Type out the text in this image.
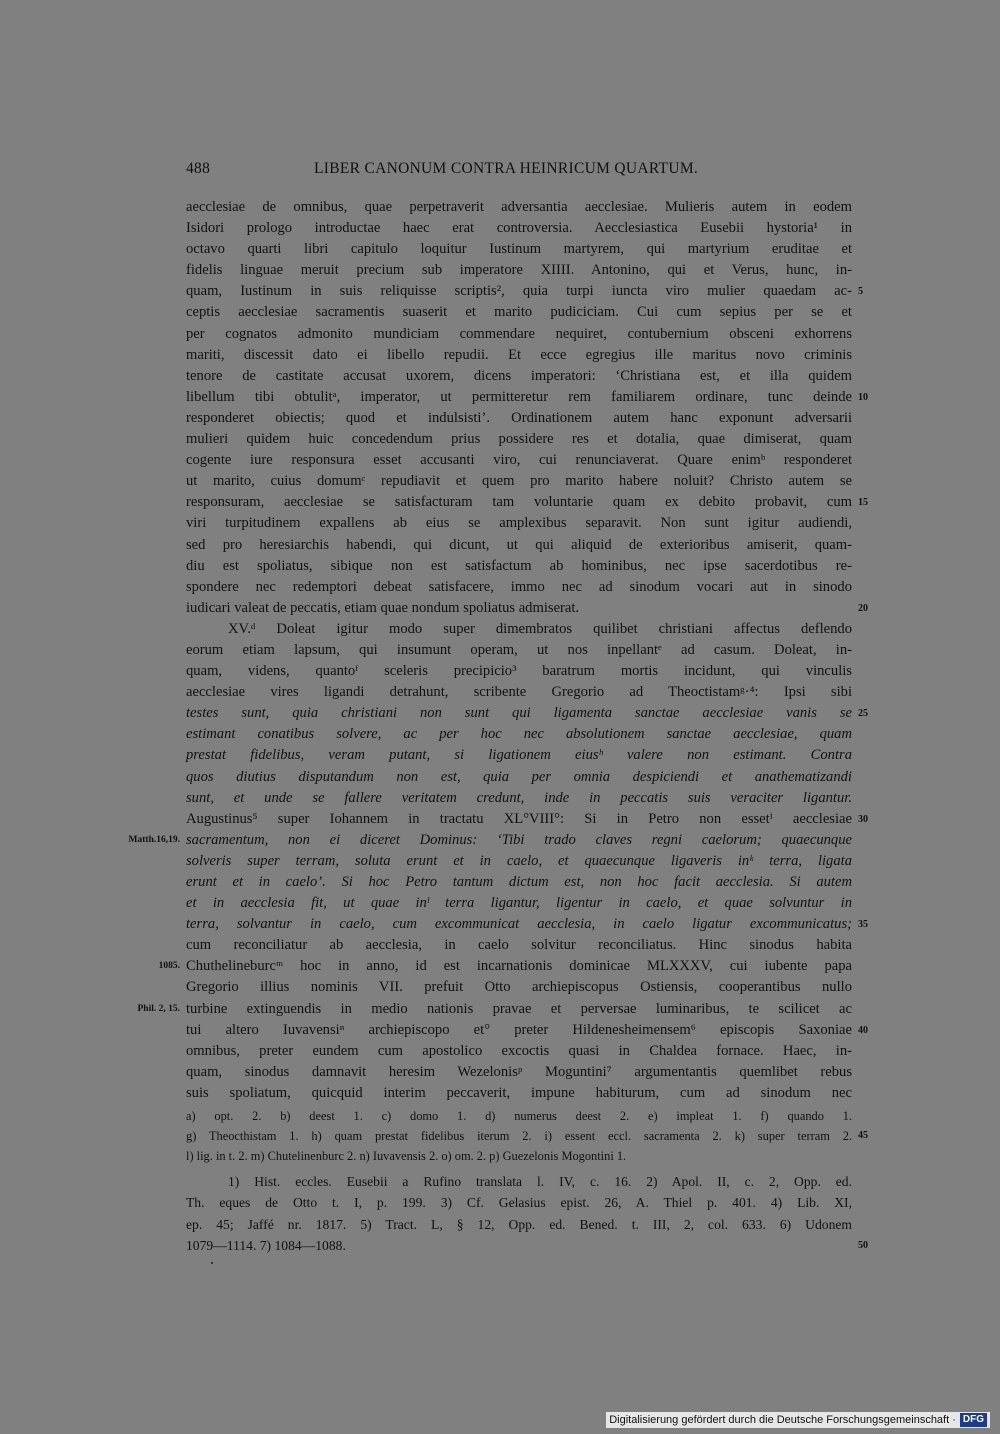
488	LIBER CANONUM CONTRA HEINRICUM QUARTUM.
aecclesiae de omnibus, quae perpetraverit adversantia aecclesiae. Mulieris autem in eodem
Isidori prologo introductae haec erat controversia. Aecclesiastica Eusebii hystoria¹ in
octavo quarti libri capitulo loquitur Iustinum martyrem, qui martyrium eruditae et
fidelis linguae meruit precium sub imperatore XIIII. Antonino, qui et Verus, hunc, in-
quam, Iustinum in suis reliquisse scriptis², quia turpi iuncta viro mulier quaedam ac- 5
ceptis aecclesiae sacramentis suaserit et marito pudiciciam. Cui cum sepius per se et
per cognatos admonito mundiciam commendare nequiret, contubernium obsceni exhorrens
mariti, discessit dato ei libello repudii. Et ecce egregius ille maritus novo criminis
tenore de castitate accusat uxorem, dicens imperatori: ‘Christiana est, et illa quidem
libellum tibi obtulitᵃ, imperator, ut permitteretur rem familiarem ordinare, tunc deinde 10
responderet obiectis; quod et indulsisti’. Ordinationem autem hanc exponunt adversarii
mulieri quidem huic concedendum prius possidere res et dotalia, quae dimiserat, quam
cogente iure responsura esset accusanti viro, cui renunciaverat. Quare enimᵇ responderet
ut marito, cuius domumᶜ repudiavit et quem pro marito habere noluit? Christo autem se
responsuram, aecclesiae se satisfacturam tam voluntarie quam ex debito probavit, cum 15
viri turpitudinem expallens ab eius se amplexibus separavit. Non sunt igitur audiendi,
sed pro heresiarchis habendi, qui dicunt, ut qui aliquid de exterioribus amiserit, quam-
diu est spoliatus, sibique non est satisfactum ab hominibus, nec ipse sacerdotibus re-
spondere nec redemptori debeat satisfacere, immo nec ad sinodum vocari aut in sinodo
iudicari valeat de peccatis, etiam quae nondum spoliatus admiserat.	20
XV.ᵈ Doleat igitur modo super dimembratos quilibet christiani affectus deflendo
eorum etiam lapsum, qui insumunt operam, ut nos inpellantᵉ ad casum. Doleat, in-
quam, videns, quantoᶠ sceleris precipicio³ baratrum mortis incidunt, qui vinculis
aecclesiae vires ligandi detrahunt, scribente Gregorio ad Theoctistamᵍ·⁴: Ipsi sibi
testes sunt, quia christiani non sunt qui ligamenta sanctae aecclesiae vanis se 25
estimant conatibus solvere, ac per hoc nec absolutionem sanctae aecclesiae, quam
prestat fidelibus, veram putant, si ligationem eiusʰ valere non estimant. Contra
quos diutius disputandum non est, quia per omnia despiciendi et anathematizandi
sunt, et unde se fallere veritatem credunt, inde in peccatis suis veraciter ligantur.
Augustinus⁵ super Iohannem in tractatu XL°VIII°: Si in Petro non essetⁱ aecclesiae 30
sacramentum, non ei diceret Dominus: ‘Tibi trado claves regni caelorum; quaecunque
Matth.16,19.
solveris super terram, soluta erunt et in caelo, et quaecunque ligaveris inᵏ terra, ligata
erunt et in caelo’. Si hoc Petro tantum dictum est, non hoc facit aecclesia. Si autem
et in aecclesia fit, ut quae inˡ terra ligantur, ligentur in caelo, et quae solvuntur in
terra, solvantur in caelo, cum excommunicat aecclesia, in caelo ligatur excommunicatus; 35
cum reconciliatur ab aecclesia, in caelo solvitur reconciliatus. Hinc sinodus habita
Chuthelineburcᵐ hoc in anno, id est incarnationis dominicae MLXXXV, cui iubente papa
1085.
Gregorio illius nominis VII. prefuit Otto archiepiscopus Ostiensis, cooperantibus nullo
turbine extinguendis in medio nationis pravae et perversae luminaribus, te scilicet ac
Phil. 2, 15.
tui altero Iuvavensiⁿ archiepiscopo et° preter Hildenesheimensem⁶ episcopis Saxoniae 40
omnibus, preter eundem cum apostolico excoctis quasi in Chaldea fornace. Haec, in-
quam, sinodus damnavit heresim Wezelonisᵖ Moguntini⁷ argumentantis quemlibet rebus
suis spoliatum, quicquid interim peccaverit, impune habiturum, cum ad sinodum nec
a) opt. 2. b) deest 1. c) domo 1. d) numerus deest 2. e) impleat 1. f) quando 1.
g) Theocthistam 1. h) quam prestat fidelibus iterum 2. i) essent eccl. sacramenta 2. k) super terram 2. 45
l) lig. in t. 2. m) Chutelinenburc 2. n) Iuvavensis 2. o) om. 2. p) Guezelonis Mogontini 1.
1) Hist. eccles. Eusebii a Rufino translata l. IV, c. 16. 2) Apol. II, c. 2, Opp. ed.
Th. eques de Otto t. I, p. 199. 3) Cf. Gelasius epist. 26, A. Thiel p. 401. 4) Lib. XI,
ep. 45; Jaffé nr. 1817. 5) Tract. L, § 12, Opp. ed. Bened. t. III, 2, col. 633. 6) Udonem
1079—1114. 7) 1084—1088.	50
Digitalisierung gefördert durch die Deutsche Forschungsgemeinschaft · DFG
